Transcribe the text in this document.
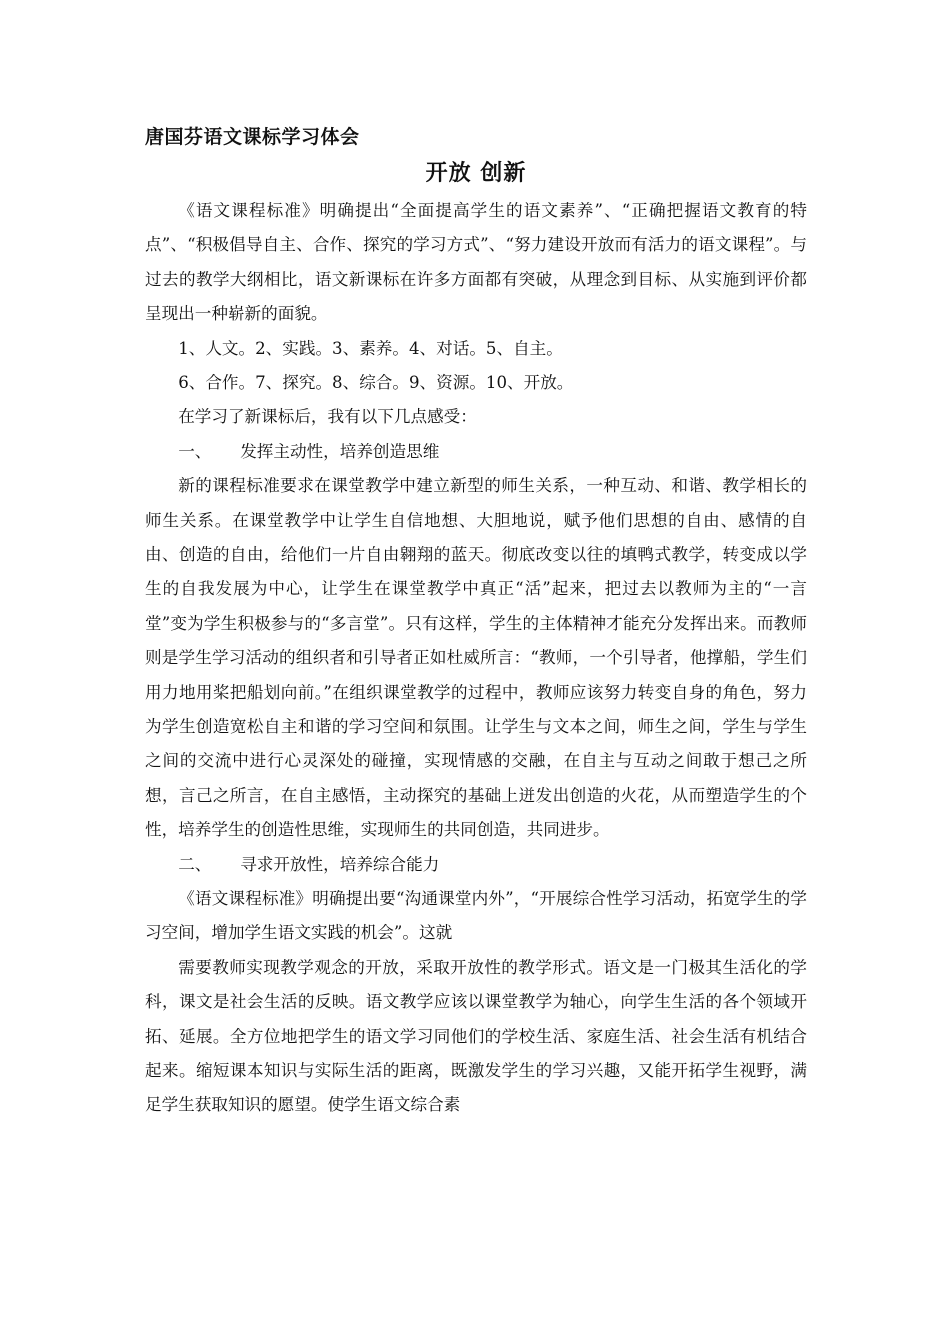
唐国芬语文课标学习体会

开放 创新

《语文课程标准》明确提出“全面提高学生的语文素养”、“正确把握语文教育的特点”、“积极倡导自主、合作、探究的学习方式”、“努力建设开放而有活力的语文课程”。与过去的教学大纲相比，语文新课标在许多方面都有突破，从理念到目标、从实施到评价都呈现出一种崭新的面貌。

1、人文。2、实践。3、素养。4、对话。5、自主。

6、合作。7、探究。8、综合。9、资源。10、开放。

在学习了新课标后，我有以下几点感受：

一、 发挥主动性，培养创造思维

新的课程标准要求在课堂教学中建立新型的师生关系，一种互动、和谐、教学相长的师生关系。在课堂教学中让学生自信地想、大胆地说，赋予他们思想的自由、感情的自由、创造的自由，给他们一片自由翱翔的蓝天。彻底改变以往的填鸭式教学，转变成以学生的自我发展为中心，让学生在课堂教学中真正“活”起来，把过去以教师为主的“一言堂”变为学生积极参与的“多言堂”。只有这样，学生的主体精神才能充分发挥出来。而教师则是学生学习活动的组织者和引导者正如杜威所言：“教师，一个引导者，他撑船，学生们用力地用桨把船划向前。”在组织课堂教学的过程中，教师应该努力转变自身的角色，努力为学生创造宽松自主和谐的学习空间和氛围。让学生与文本之间，师生之间，学生与学生之间的交流中进行心灵深处的碰撞，实现情感的交融，在自主与互动之间敢于想己之所想，言己之所言，在自主感悟，主动探究的基础上迸发出创造的火花，从而塑造学生的个性，培养学生的创造性思维，实现师生的共同创造，共同进步。

二、 寻求开放性，培养综合能力

《语文课程标准》明确提出要“沟通课堂内外”，“开展综合性学习活动，拓宽学生的学习空间，增加学生语文实践的机会”。这就

需要教师实现教学观念的开放，采取开放性的教学形式。语文是一门极其生活化的学科，课文是社会生活的反映。语文教学应该以课堂教学为轴心，向学生生活的各个领域开拓、延展。全方位地把学生的语文学习同他们的学校生活、家庭生活、社会生活有机结合起来。缩短课本知识与实际生活的距离，既激发学生的学习兴趣，又能开拓学生视野，满足学生获取知识的愿望。使学生语文综合素
